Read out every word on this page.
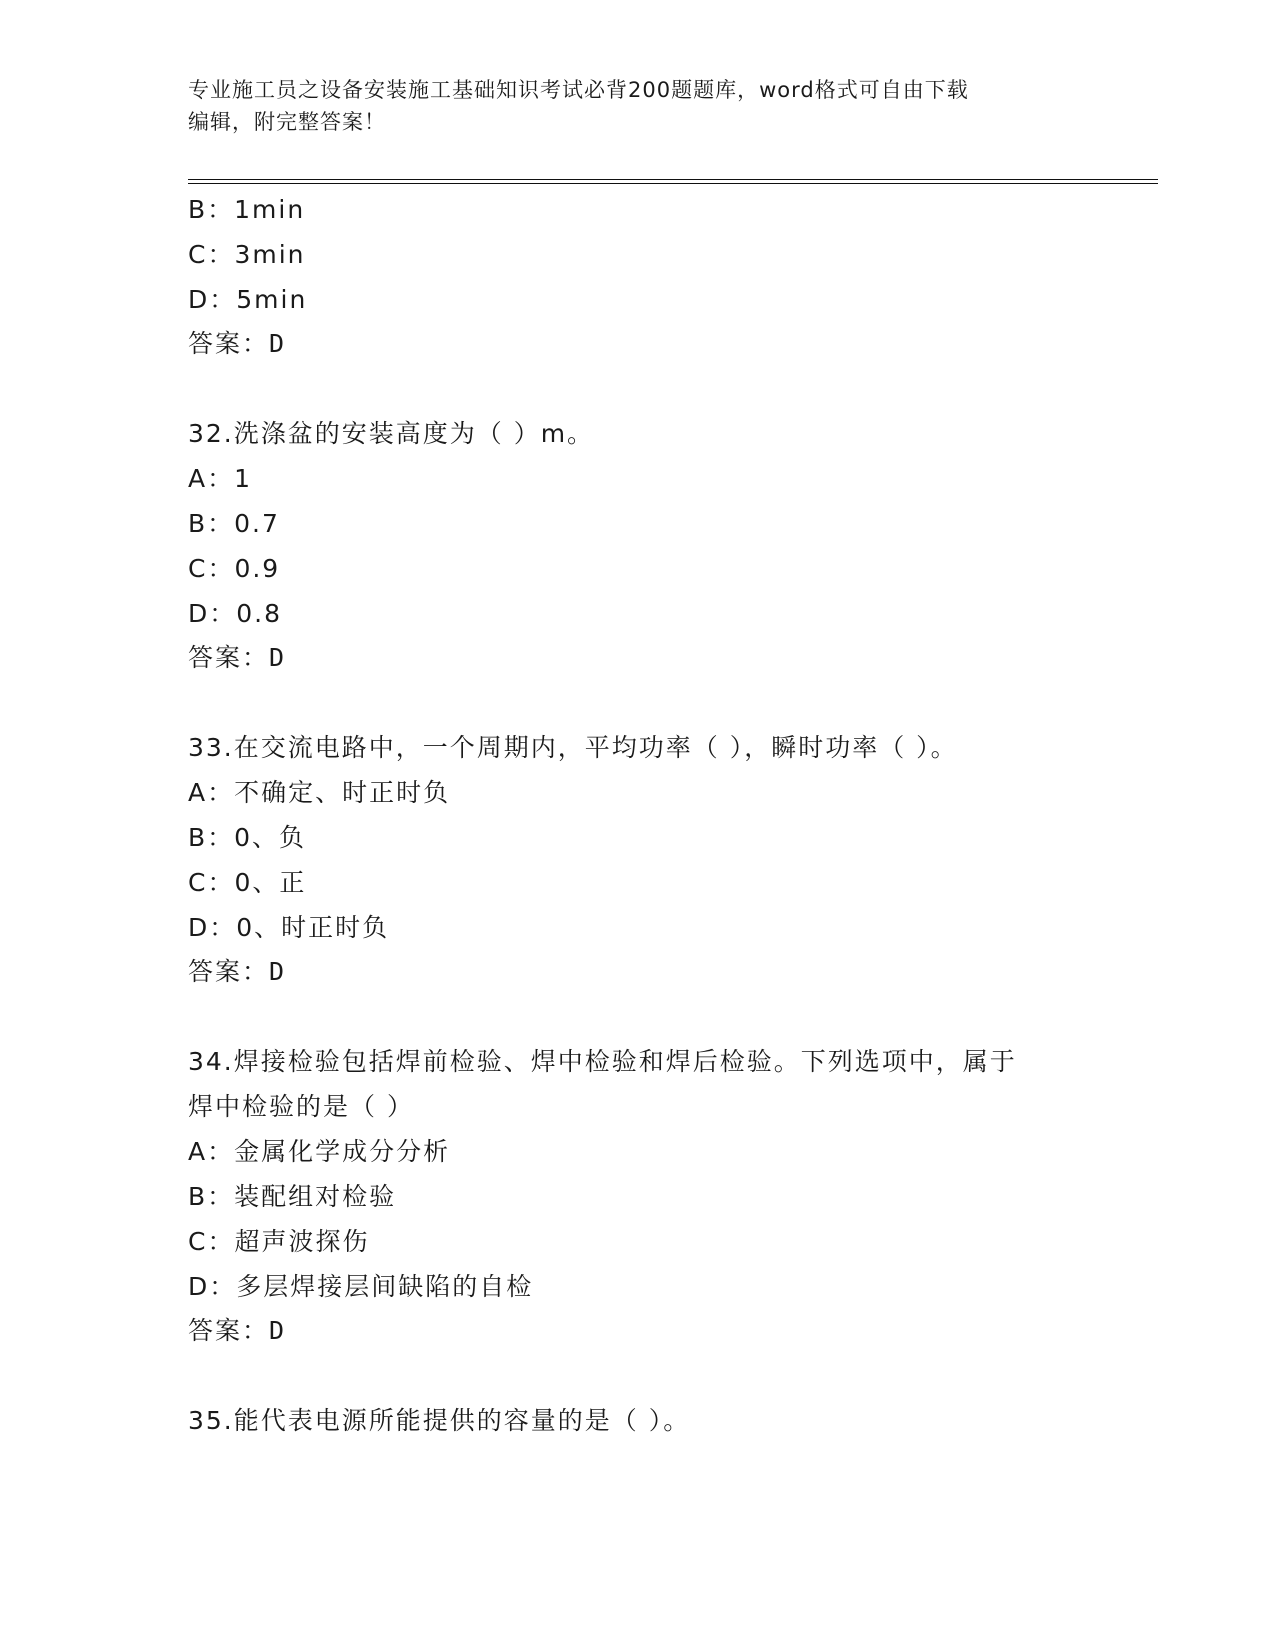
专业施工员之设备安装施工基础知识考试必背200题题库，word格式可自由下载
编辑，附完整答案！
B：1min
C：3min
D：5min
答案：D
32.洗涤盆的安装高度为（ ）m。
A：1
B：0.7
C：0.9
D：0.8
答案：D
33.在交流电路中，一个周期内，平均功率（ ），瞬时功率（ ）。
A：不确定、时正时负
B：0、负
C：0、正
D：0、时正时负
答案：D
34.焊接检验包括焊前检验、焊中检验和焊后检验。下列选项中，属于
焊中检验的是（ ）
A：金属化学成分分析
B：装配组对检验
C：超声波探伤
D：多层焊接层间缺陷的自检
答案：D
35.能代表电源所能提供的容量的是（ ）。
